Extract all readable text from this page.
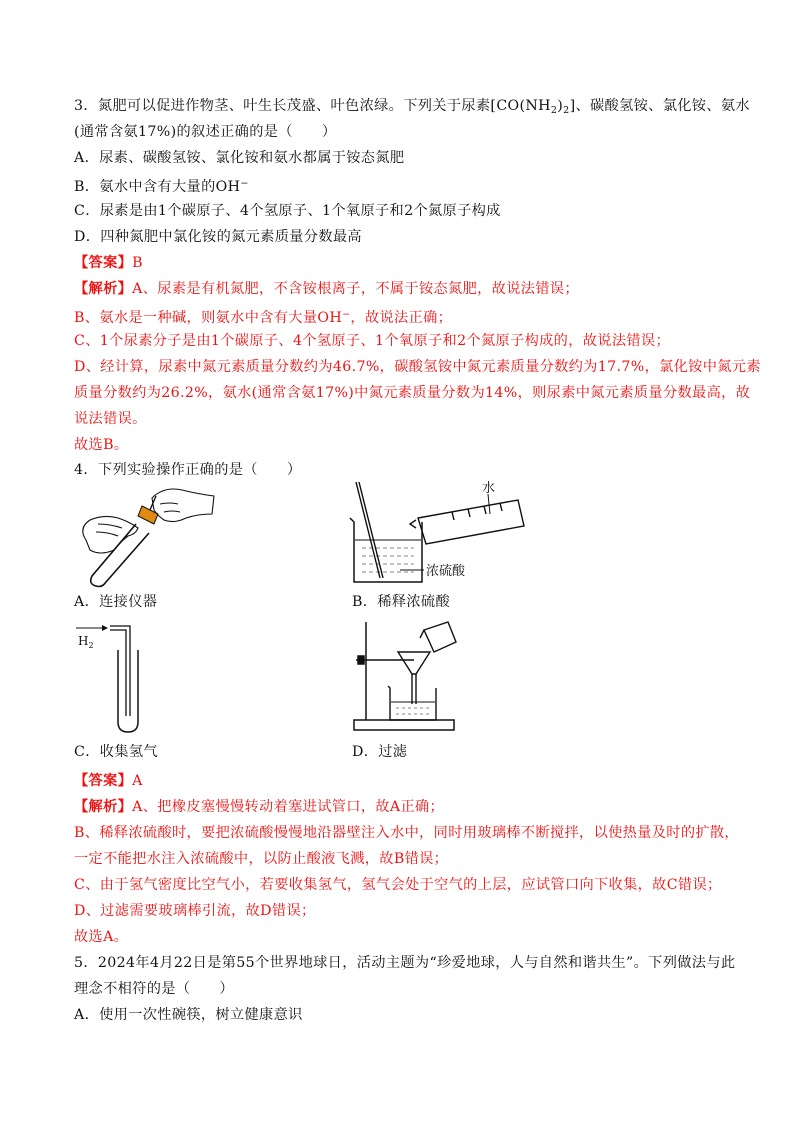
3．氮肥可以促进作物茎、叶生长茂盛、叶色浓绿。下列关于尿素$[CO(NH_2)_2]$、碳酸氢铵、氯化铵、氨水
(通常含氨17%)的叙述正确的是（　　）
A．尿素、碳酸氢铵、氯化铵和氨水都属于铵态氮肥
B．氨水中含有大量的OH−
C．尿素是由1个碳原子、4个氢原子、1个氧原子和2个氮原子构成
D．四种氮肥中氯化铵的氮元素质量分数最高
【答案】B
【解析】A、尿素是有机氮肥，不含铵根离子，不属于铵态氮肥，故说法错误；
B、氨水是一种碱，则氨水中含有大量OH−，故说法正确；
C、1个尿素分子是由1个碳原子、4个氢原子、1个氧原子和2个氮原子构成的，故说法错误；
D、经计算，尿素中氮元素质量分数约为46.7%，碳酸氢铵中氮元素质量分数约为17.7%，氯化铵中氮元素
质量分数约为26.2%，氨水(通常含氨17%)中氮元素质量分数为14%，则尿素中氮元素质量分数最高，故
说法错误。
故选B。
4．下列实验操作正确的是（　　）
A．连接仪器
水
浓硫酸
B．稀释浓硫酸
$H_2$
C．收集氢气	D．过滤
【答案】A
【解析】A、把橡皮塞慢慢转动着塞进试管口，故A正确；
B、稀释浓硫酸时，要把浓硫酸慢慢地沿器壁注入水中，同时用玻璃棒不断搅拌，以使热量及时的扩散，
一定不能把水注入浓硫酸中，以防止酸液飞溅，故B错误；
C、由于氢气密度比空气小，若要收集氢气，氢气会处于空气的上层，应试管口向下收集，故C错误；
D、过滤需要玻璃棒引流，故D错误；
故选A。
5．2024年4月22日是第55个世界地球日，活动主题为“珍爱地球，人与自然和谐共生”。下列做法与此
理念不相符的是（　　）
A．使用一次性碗筷，树立健康意识
